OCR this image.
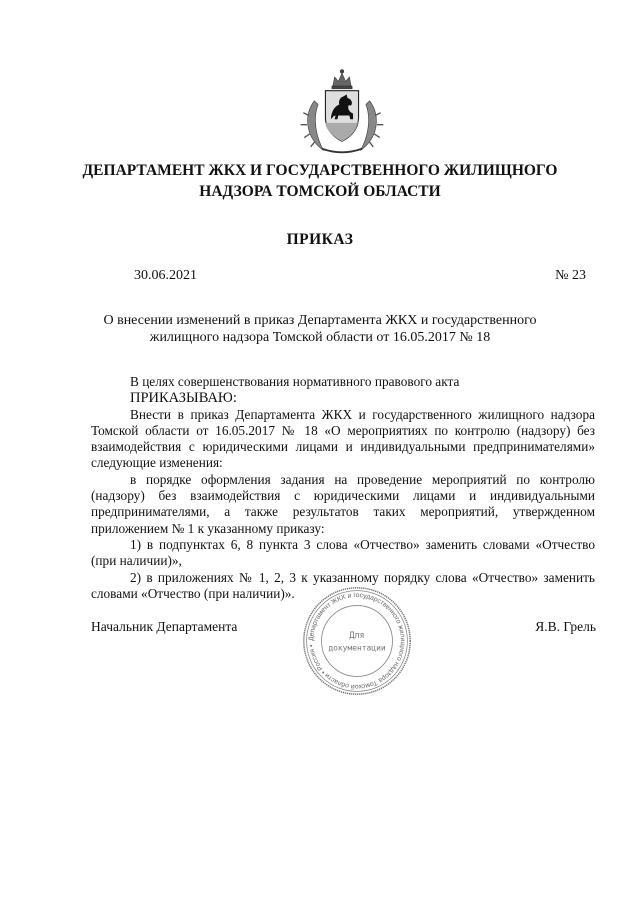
ДЕПАРТАМЕНТ ЖКХ И ГОСУДАРСТВЕННОГО ЖИЛИЩНОГО
НАДЗОРА ТОМСКОЙ ОБЛАСТИ
ПРИКАЗ
30.06.2021	№ 23
О внесении изменений в приказ Департамента ЖКХ и государственного
жилищного надзора Томской области от 16.05.2017 № 18

В целях совершенствования нормативного правового акта

ПРИКАЗЫВАЮ:

Внести в приказ Департамента ЖКХ и государственного жилищного надзора Томской области от 16.05.2017 № 18 «О мероприятиях по контролю (надзору) без взаимодействия с юридическими лицами и индивидуальными предпринимателями» следующие изменения:

в порядке оформления задания на проведение мероприятий по контролю (надзору) без взаимодействия с юридическими лицами и индивидуальными предпринимателями, а также результатов таких мероприятий, утвержденном приложением № 1 к указанному приказу:

1) в подпунктах 6, 8 пункта 3 слова «Отчество» заменить словами «Отчество (при наличии)»,

2) в приложениях № 1, 2, 3 к указанному порядку слова «Отчество» заменить словами «Отчество (при наличии)».

Начальник Департамента	Я.В. Грель
Департамент ЖКХ и государственного жилищного надзора Томской области • Россия •
Для
документации
